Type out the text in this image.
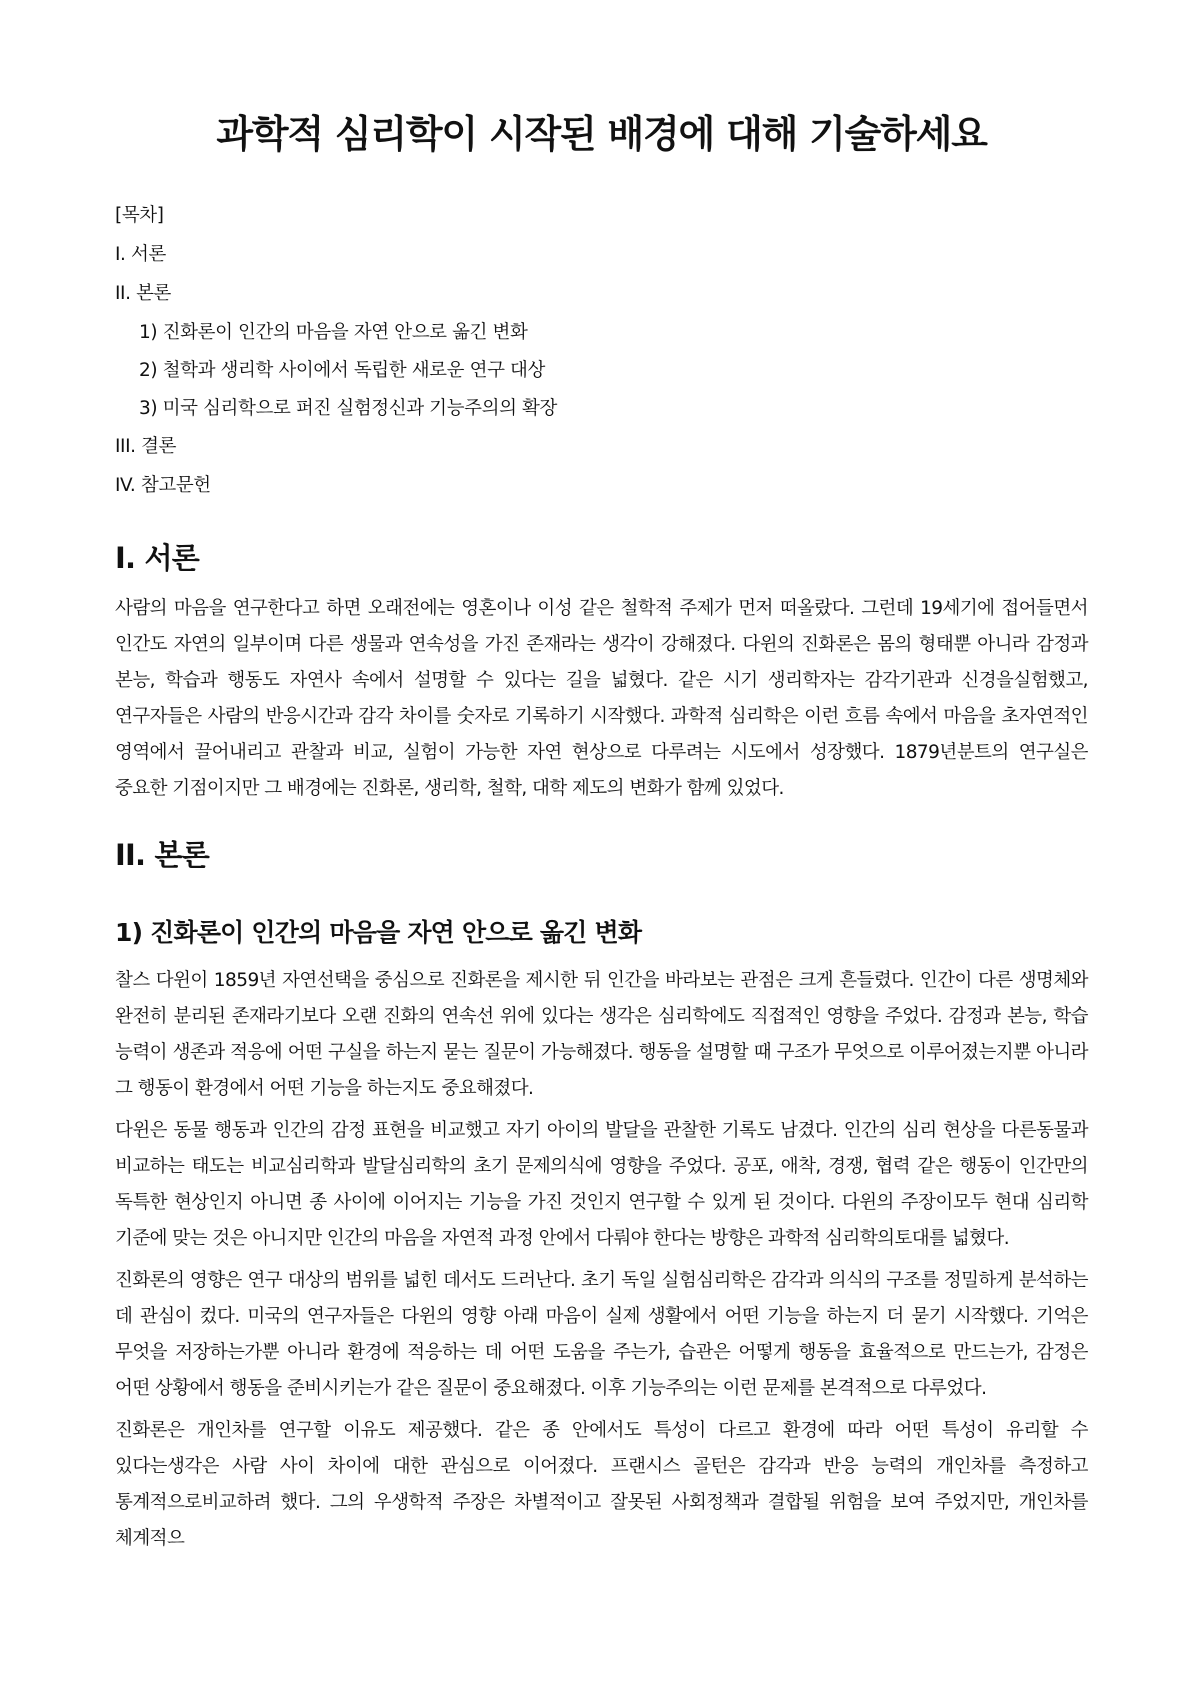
과학적 심리학이 시작된 배경에 대해 기술하세요
[목차]
I. 서론
II. 본론
1) 진화론이 인간의 마음을 자연 안으로 옮긴 변화
2) 철학과 생리학 사이에서 독립한 새로운 연구 대상
3) 미국 심리학으로 퍼진 실험정신과 기능주의의 확장
III. 결론
IV. 참고문헌
I. 서론

사람의 마음을 연구한다고 하면 오래전에는 영혼이나 이성 같은 철학적 주제가 먼저 떠올랐다. 그런데 19세기에 접어들면서 인간도 자연의 일부이며 다른 생물과 연속성을 가진 존재라는 생각이 강해졌다. 다윈의 진화론은 몸의 형태뿐 아니라 감정과 본능, 학습과 행동도 자연사 속에서 설명할 수 있다는 길을 넓혔다. 같은 시기 생리학자는 감각기관과 신경을실험했고, 연구자들은 사람의 반응시간과 감각 차이를 숫자로 기록하기 시작했다. 과학적 심리학은 이런 흐름 속에서 마음을 초자연적인 영역에서 끌어내리고 관찰과 비교, 실험이 가능한 자연 현상으로 다루려는 시도에서 성장했다. 1879년분트의 연구실은 중요한 기점이지만 그 배경에는 진화론, 생리학, 철학, 대학 제도의 변화가 함께 있었다.

II. 본론
1) 진화론이 인간의 마음을 자연 안으로 옮긴 변화

찰스 다윈이 1859년 자연선택을 중심으로 진화론을 제시한 뒤 인간을 바라보는 관점은 크게 흔들렸다. 인간이 다른 생명체와 완전히 분리된 존재라기보다 오랜 진화의 연속선 위에 있다는 생각은 심리학에도 직접적인 영향을 주었다. 감정과 본능, 학습 능력이 생존과 적응에 어떤 구실을 하는지 묻는 질문이 가능해졌다. 행동을 설명할 때 구조가 무엇으로 이루어졌는지뿐 아니라 그 행동이 환경에서 어떤 기능을 하는지도 중요해졌다.

다윈은 동물 행동과 인간의 감정 표현을 비교했고 자기 아이의 발달을 관찰한 기록도 남겼다. 인간의 심리 현상을 다른동물과 비교하는 태도는 비교심리학과 발달심리학의 초기 문제의식에 영향을 주었다. 공포, 애착, 경쟁, 협력 같은 행동이 인간만의 독특한 현상인지 아니면 종 사이에 이어지는 기능을 가진 것인지 연구할 수 있게 된 것이다. 다윈의 주장이모두 현대 심리학 기준에 맞는 것은 아니지만 인간의 마음을 자연적 과정 안에서 다뤄야 한다는 방향은 과학적 심리학의토대를 넓혔다.

진화론의 영향은 연구 대상의 범위를 넓힌 데서도 드러난다. 초기 독일 실험심리학은 감각과 의식의 구조를 정밀하게 분석하는 데 관심이 컸다. 미국의 연구자들은 다윈의 영향 아래 마음이 실제 생활에서 어떤 기능을 하는지 더 묻기 시작했다. 기억은 무엇을 저장하는가뿐 아니라 환경에 적응하는 데 어떤 도움을 주는가, 습관은 어떻게 행동을 효율적으로 만드는가, 감정은 어떤 상황에서 행동을 준비시키는가 같은 질문이 중요해졌다. 이후 기능주의는 이런 문제를 본격적으로 다루었다.

진화론은 개인차를 연구할 이유도 제공했다. 같은 종 안에서도 특성이 다르고 환경에 따라 어떤 특성이 유리할 수 있다는생각은 사람 사이 차이에 대한 관심으로 이어졌다. 프랜시스 골턴은 감각과 반응 능력의 개인차를 측정하고 통계적으로비교하려 했다. 그의 우생학적 주장은 차별적이고 잘못된 사회정책과 결합될 위험을 보여 주었지만, 개인차를 체계적으
